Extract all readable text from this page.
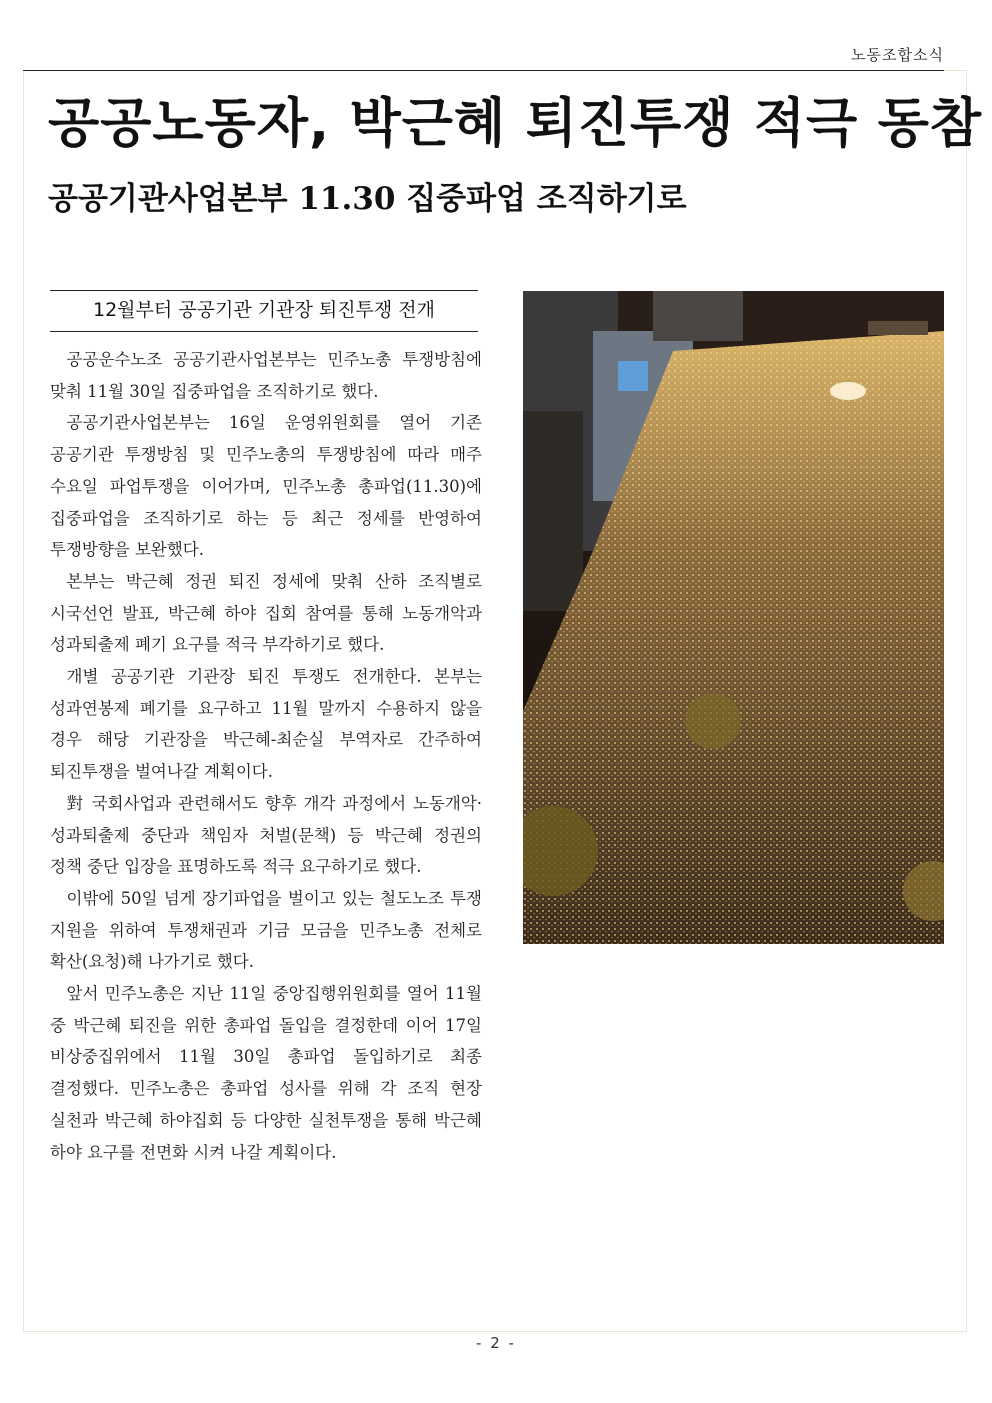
노동조합소식
공공노동자, 박근혜 퇴진투쟁 적극 동참
공공기관사업본부 11.30 집중파업 조직하기로
12월부터 공공기관 기관장 퇴진투쟁 전개

공공운수노조 공공기관사업본부는 민주노총 투쟁방침에 맞춰 11월 30일 집중파업을 조직하기로 했다.

공공기관사업본부는 16일 운영위원회를 열어 기존 공공기관 투쟁방침 및 민주노총의 투쟁방침에 따라 매주 수요일 파업투쟁을 이어가며, 민주노총 총파업(11.30)에 집중파업을 조직하기로 하는 등 최근 정세를 반영하여 투쟁방향을 보완했다.

본부는 박근혜 정권 퇴진 정세에 맞춰 산하 조직별로 시국선언 발표, 박근혜 하야 집회 참여를 통해 노동개악과 성과퇴출제 폐기 요구를 적극 부각하기로 했다.

개별 공공기관 기관장 퇴진 투쟁도 전개한다. 본부는 성과연봉제 폐기를 요구하고 11월 말까지 수용하지 않을 경우 해당 기관장을 박근혜-최순실 부역자로 간주하여 퇴진투쟁을 벌여나갈 계획이다.

對 국회사업과 관련해서도 향후 개각 과정에서 노동개악·성과퇴출제 중단과 책임자 처벌(문책) 등 박근혜 정권의 정책 중단 입장을 표명하도록 적극 요구하기로 했다.

이밖에 50일 넘게 장기파업을 벌이고 있는 철도노조 투쟁 지원을 위하여 투쟁채권과 기금 모금을 민주노총 전체로 확산(요청)해 나가기로 했다.

앞서 민주노총은 지난 11일 중앙집행위원회를 열어 11월 중 박근혜 퇴진을 위한 총파업 돌입을 결정한데 이어 17일 비상중집위에서 11월 30일 총파업 돌입하기로 최종 결정했다. 민주노총은 총파업 성사를 위해 각 조직 현장 실천과 박근혜 하야집회 등 다양한 실천투쟁을 통해 박근혜 하야 요구를 전면화 시켜 나갈 계획이다.

- 2 -
